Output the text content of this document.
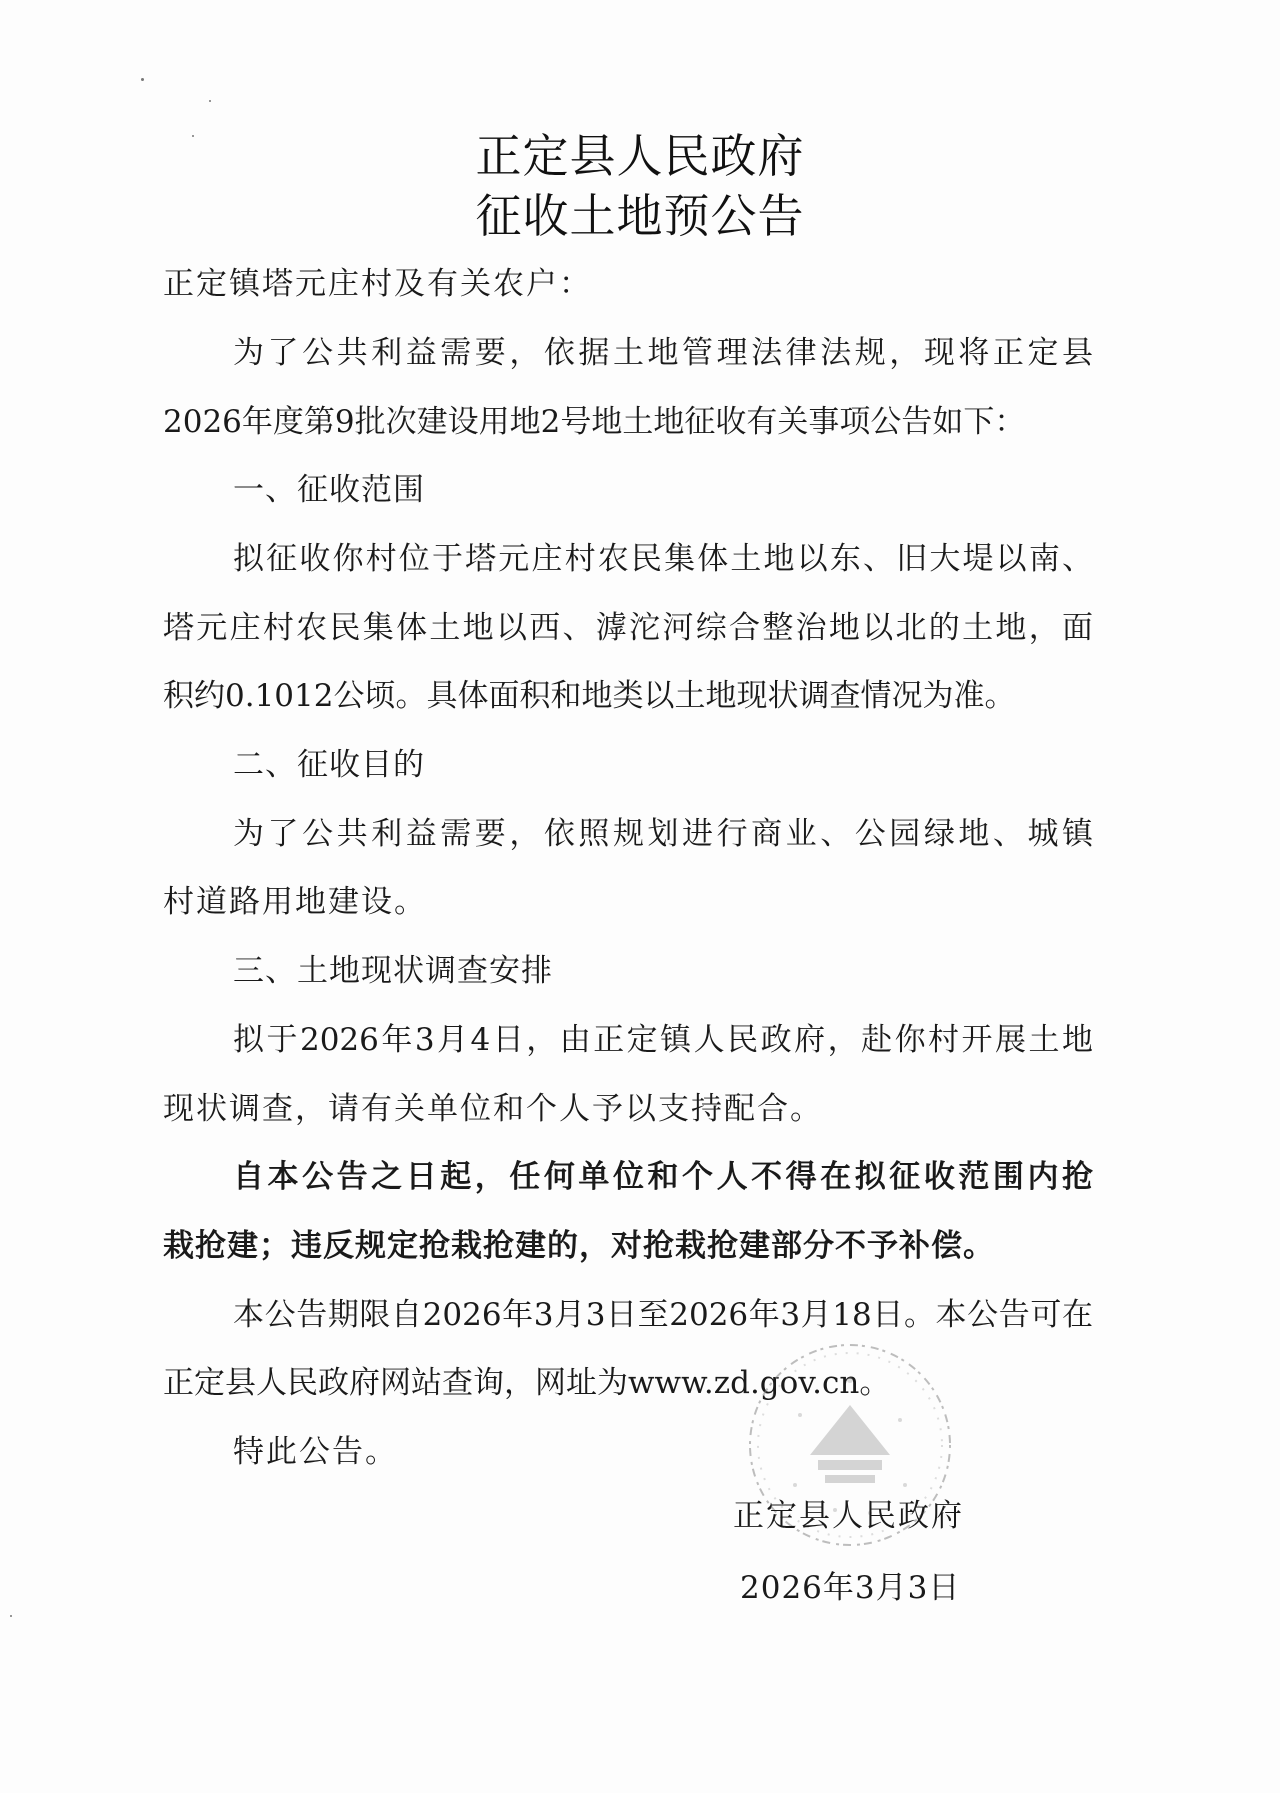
正定县人民政府
征收土地预公告
正定镇塔元庄村及有关农户：
为了公共利益需要，依据土地管理法律法规，现将正定县
2026年度第9批次建设用地2号地土地征收有关事项公告如下：
一、征收范围
拟征收你村位于塔元庄村农民集体土地以东、旧大堤以南、
塔元庄村农民集体土地以西、滹沱河综合整治地以北的土地，面
积约0.1012公顷。具体面积和地类以土地现状调查情况为准。
二、征收目的
为了公共利益需要，依照规划进行商业、公园绿地、城镇
村道路用地建设。
三、土地现状调查安排
拟于2026年3月4日，由正定镇人民政府，赴你村开展土地
现状调查，请有关单位和个人予以支持配合。
自本公告之日起，任何单位和个人不得在拟征收范围内抢
栽抢建；违反规定抢栽抢建的，对抢栽抢建部分不予补偿。
本公告期限自2026年3月3日至2026年3月18日。本公告可在
正定县人民政府网站查询，网址为www.zd.gov.cn。
特此公告。
正定县人民政府
2026年3月3日
